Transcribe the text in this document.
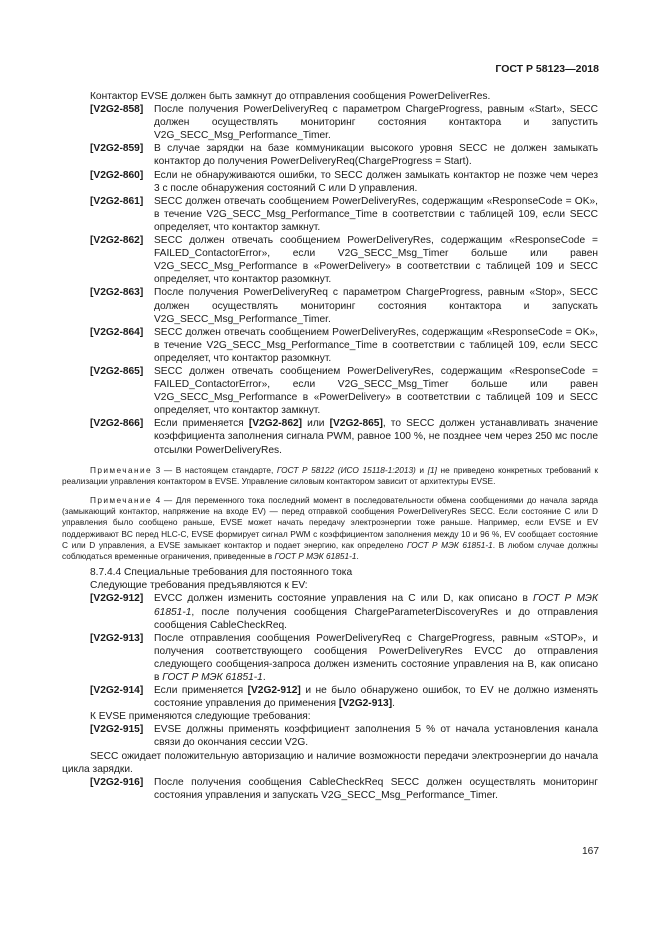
ГОСТ Р 58123—2018
Контактор EVSE должен быть замкнут до отправления сообщения PowerDeliverRes.
[V2G2-858]	После получения PowerDeliveryReq с параметром ChargeProgress, равным «Start», SECC должен осуществлять мониторинг состояния контактора и запустить V2G_SECC_Msg_Performance_Timer.
[V2G2-859]	В случае зарядки на базе коммуникации высокого уровня SECC не должен замыкать контактор до получения PowerDeliveryReq(ChargeProgress = Start).
[V2G2-860]	Если не обнаруживаются ошибки, то SECC должен замыкать контактор не позже чем через 3 с после обнаружения состояний C или D управления.
[V2G2-861]	SECC должен отвечать сообщением PowerDeliveryRes, содержащим «ResponseCode = OK», в течение V2G_SECC_Msg_Performance_Time в соответствии с таблицей 109, если SECC определяет, что контактор замкнут.
[V2G2-862]	SECC должен отвечать сообщением PowerDeliveryRes, содержащим «ResponseCode = FAILED_ContactorError», если V2G_SECC_Msg_Timer больше или равен V2G_SECC_Msg_Performance в «PowerDelivery» в соответствии с таблицей 109 и SECC определяет, что контактор разомкнут.
[V2G2-863]	После получения PowerDeliveryReq с параметром ChargeProgress, равным «Stop», SECC должен осуществлять мониторинг состояния контактора и запускать V2G_SECC_Msg_Performance_Timer.
[V2G2-864]	SECC должен отвечать сообщением PowerDeliveryRes, содержащим «ResponseCode = OK», в течение V2G_SECC_Msg_Performance_Time в соответствии с таблицей 109, если SECC определяет, что контактор разомкнут.
[V2G2-865]	SECC должен отвечать сообщением PowerDeliveryRes, содержащим «ResponseCode = FAILED_ContactorError», если V2G_SECC_Msg_Timer больше или равен V2G_SECC_Msg_Performance в «PowerDelivery» в соответствии с таблицей 109 и SECC определяет, что контактор замкнут.
[V2G2-866]	Если применяется [V2G2-862] или [V2G2-865], то SECC должен устанавливать значение коэффициента заполнения сигнала PWM, равное 100 %, не позднее чем через 250 мс после отсылки PowerDeliveryRes.
Примечание 3 — В настоящем стандарте, ГОСТ Р 58122 (ИСО 15118-1:2013) и [1] не приведено конкретных требований к реализации управления контактором в EVSE. Управление силовым контактором зависит от архитектуры EVSE.
Примечание 4 — Для переменного тока последний момент в последовательности обмена сообщениями до начала заряда (замыкающий контактор, напряжение на входе EV) — перед отправкой сообщения PowerDeliveryRes SECC. Если состояние C или D управления было сообщено раньше, EVSE может начать передачу электроэнергии тоже раньше. Например, если EVSE и EV поддерживают BC перед HLC-C, EVSE формирует сигнал PWM с коэффициентом заполнения между 10 и 96 %, EV сообщает состояние C или D управления, а EVSE замыкает контактор и подает энергию, как определено ГОСТ Р МЭК 61851-1. В любом случае должны соблюдаться временные ограничения, приведенные в ГОСТ Р МЭК 61851-1.
8.7.4.4 Специальные требования для постоянного тока
Следующие требования предъявляются к EV:
[V2G2-912]	EVCC должен изменить состояние управления на C или D, как описано в ГОСТ Р МЭК 61851-1, после получения сообщения ChargeParameterDiscoveryRes и до отправления сообщения CableCheckReq.
[V2G2-913]	После отправления сообщения PowerDeliveryReq с ChargeProgress, равным «STOP», и получения соответствующего сообщения PowerDeliveryRes EVCC до отправления следующего сообщения-запроса должен изменить состояние управления на B, как описано в ГОСТ Р МЭК 61851-1.
[V2G2-914]	Если применяется [V2G2-912] и не было обнаружено ошибок, то EV не должно изменять состояние управления до применения [V2G2-913].
К EVSE применяются следующие требования:
[V2G2-915]	EVSE должны применять коэффициент заполнения 5 % от начала установления канала связи до окончания сессии V2G.
SECC ожидает положительную авторизацию и наличие возможности передачи электроэнергии до начала цикла зарядки.
[V2G2-916]	После получения сообщения CableCheckReq SECC должен осуществлять мониторинг состояния управления и запускать V2G_SECC_Msg_Performance_Timer.
167
